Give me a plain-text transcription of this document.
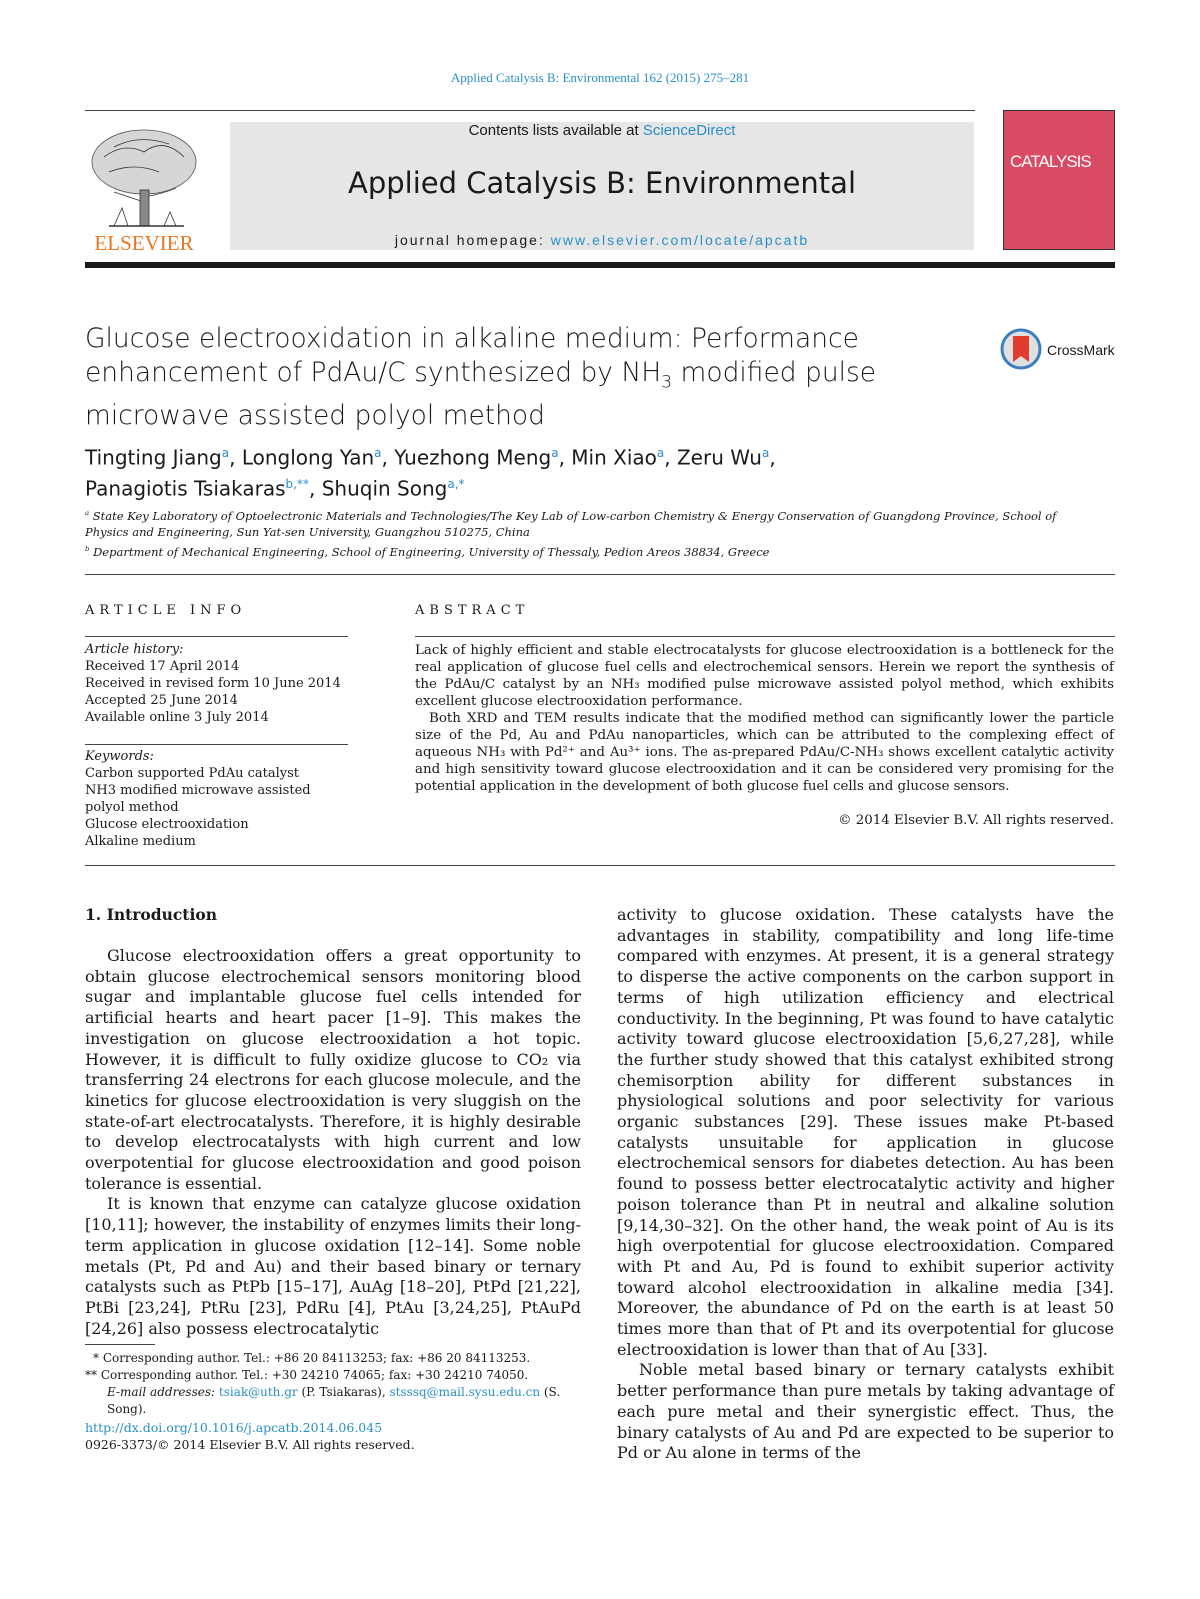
Applied Catalysis B: Environmental 162 (2015) 275–281
ELSEVIER
Contents lists available at ScienceDirect
Applied Catalysis B: Environmental
journal homepage: www.elsevier.com/locate/apcatb
CATALYSIS
Glucose electrooxidation in alkaline medium: Performance enhancement of PdAu/C synthesized by $NH_3$ modified pulse microwave assisted polyol method
CrossMark
Tingting Jiang$^a$, Longlong Yan$^a$, Yuezhong Meng$^a$, Min Xiao$^a$, Zeru Wu$^a$,
Panagiotis Tsiakaras$^{b,**}$, Shuqin Song$^{a,*}$
$^a$ State Key Laboratory of Optoelectronic Materials and Technologies/The Key Lab of Low-carbon Chemistry & Energy Conservation of Guangdong Province, School of Physics and Engineering, Sun Yat-sen University, Guangzhou 510275, China
$^b$ Department of Mechanical Engineering, School of Engineering, University of Thessaly, Pedion Areos 38834, Greece
ARTICLE INFO	ABSTRACT
Article history:
Received 17 April 2014
Received in revised form 10 June 2014
Accepted 25 June 2014
Available online 3 July 2014
Keywords:
Carbon supported PdAu catalyst
NH3 modified microwave assisted polyol method
Glucose electrooxidation
Alkaline medium

Lack of highly efficient and stable electrocatalysts for glucose electrooxidation is a bottleneck for the real application of glucose fuel cells and electrochemical sensors. Herein we report the synthesis of the PdAu/C catalyst by an NH₃ modified pulse microwave assisted polyol method, which exhibits excellent glucose electrooxidation performance.

Both XRD and TEM results indicate that the modified method can significantly lower the particle size of the Pd, Au and PdAu nanoparticles, which can be attributed to the complexing effect of aqueous NH₃ with Pd²⁺ and Au³⁺ ions. The as-prepared PdAu/C-NH₃ shows excellent catalytic activity and high sensitivity toward glucose electrooxidation and it can be considered very promising for the potential application in the development of both glucose fuel cells and glucose sensors.

© 2014 Elsevier B.V. All rights reserved.
1. Introduction

Glucose electrooxidation offers a great opportunity to obtain glucose electrochemical sensors monitoring blood sugar and implantable glucose fuel cells intended for artificial hearts and heart pacer [1–9]. This makes the investigation on glucose electrooxidation a hot topic. However, it is difficult to fully oxidize glucose to CO₂ via transferring 24 electrons for each glucose molecule, and the kinetics for glucose electrooxidation is very sluggish on the state-of-art electrocatalysts. Therefore, it is highly desirable to develop electrocatalysts with high current and low overpotential for glucose electrooxidation and good poison tolerance is essential.

It is known that enzyme can catalyze glucose oxidation [10,11]; however, the instability of enzymes limits their long-term application in glucose oxidation [12–14]. Some noble metals (Pt, Pd and Au) and their based binary or ternary catalysts such as PtPb [15–17], AuAg [18–20], PtPd [21,22], PtBi [23,24], PtRu [23], PdRu [4], PtAu [3,24,25], PtAuPd [24,26] also possess electrocatalytic

activity to glucose oxidation. These catalysts have the advantages in stability, compatibility and long life-time compared with enzymes. At present, it is a general strategy to disperse the active components on the carbon support in terms of high utilization efficiency and electrical conductivity. In the beginning, Pt was found to have catalytic activity toward glucose electrooxidation [5,6,27,28], while the further study showed that this catalyst exhibited strong chemisorption ability for different substances in physiological solutions and poor selectivity for various organic substances [29]. These issues make Pt-based catalysts unsuitable for application in glucose electrochemical sensors for diabetes detection. Au has been found to possess better electrocatalytic activity and higher poison tolerance than Pt in neutral and alkaline solution [9,14,30–32]. On the other hand, the weak point of Au is its high overpotential for glucose electrooxidation. Compared with Pt and Au, Pd is found to exhibit superior activity toward alcohol electrooxidation in alkaline media [34]. Moreover, the abundance of Pd on the earth is at least 50 times more than that of Pt and its overpotential for glucose electrooxidation is lower than that of Au [33].

Noble metal based binary or ternary catalysts exhibit better performance than pure metals by taking advantage of each pure metal and their synergistic effect. Thus, the binary catalysts of Au and Pd are expected to be superior to Pd or Au alone in terms of the

* Corresponding author. Tel.: +86 20 84113253; fax: +86 20 84113253.
** Corresponding author. Tel.: +30 24210 74065; fax: +30 24210 74050.
E-mail addresses: tsiak@uth.gr (P. Tsiakaras), stsssq@mail.sysu.edu.cn (S. Song).
http://dx.doi.org/10.1016/j.apcatb.2014.06.045
0926-3373/© 2014 Elsevier B.V. All rights reserved.
